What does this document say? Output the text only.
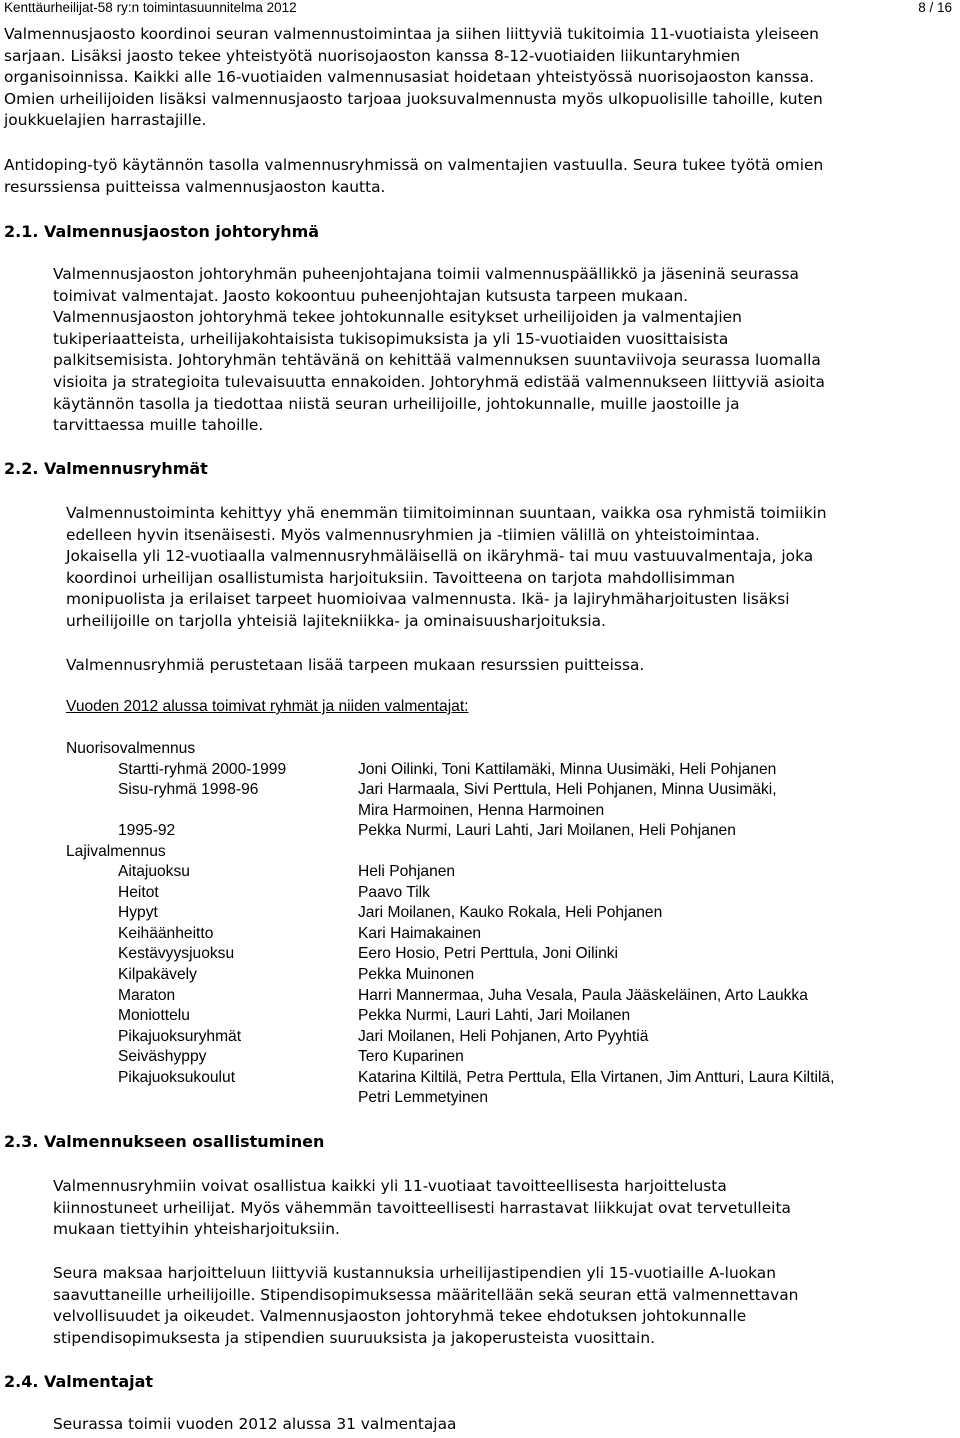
Kenttäurheilijat-58 ry:n toimintasuunnitelma 2012	8 / 16
Valmennusjaosto koordinoi seuran valmennustoimintaa ja siihen liittyviä tukitoimia 11-vuotiaista yleiseen
sarjaan. Lisäksi jaosto tekee yhteistyötä nuorisojaoston kanssa 8-12-vuotiaiden liikuntaryhmien
organisoinnissa. Kaikki alle 16-vuotiaiden valmennusasiat hoidetaan yhteistyössä nuorisojaoston kanssa.
Omien urheilijoiden lisäksi valmennusjaosto tarjoaa juoksuvalmennusta myös ulkopuolisille tahoille, kuten
joukkuelajien harrastajille.
Antidoping-työ käytännön tasolla valmennusryhmissä on valmentajien vastuulla. Seura tukee työtä omien
resurssiensa puitteissa valmennusjaoston kautta.
2.1. Valmennusjaoston johtoryhmä
Valmennusjaoston johtoryhmän puheenjohtajana toimii valmennuspäällikkö ja jäseninä seurassa
toimivat valmentajat. Jaosto kokoontuu puheenjohtajan kutsusta tarpeen mukaan.
Valmennusjaoston johtoryhmä tekee johtokunnalle esitykset urheilijoiden ja valmentajien
tukiperiaatteista, urheilijakohtaisista tukisopimuksista ja yli 15-vuotiaiden vuosittaisista
palkitsemisista. Johtoryhmän tehtävänä on kehittää valmennuksen suuntaviivoja seurassa luomalla
visioita ja strategioita tulevaisuutta ennakoiden. Johtoryhmä edistää valmennukseen liittyviä asioita
käytännön tasolla ja tiedottaa niistä seuran urheilijoille, johtokunnalle, muille jaostoille ja
tarvittaessa muille tahoille.
2.2. Valmennusryhmät
Valmennustoiminta kehittyy yhä enemmän tiimitoiminnan suuntaan, vaikka osa ryhmistä toimiikin
edelleen hyvin itsenäisesti. Myös valmennusryhmien ja -tiimien välillä on yhteistoimintaa.
Jokaisella yli 12-vuotiaalla valmennusryhmäläisellä on ikäryhmä- tai muu vastuuvalmentaja, joka
koordinoi urheilijan osallistumista harjoituksiin. Tavoitteena on tarjota mahdollisimman
monipuolista ja erilaiset tarpeet huomioivaa valmennusta. Ikä- ja lajiryhmäharjoitusten lisäksi
urheilijoille on tarjolla yhteisiä lajitekniikka- ja ominaisuusharjoituksia.
Valmennusryhmiä perustetaan lisää tarpeen mukaan resurssien puitteissa.
Vuoden 2012 alussa toimivat ryhmät ja niiden valmentajat:
Nuorisovalmennus
Startti-ryhmä 2000-1999	Joni Oilinki, Toni Kattilamäki, Minna Uusimäki, Heli Pohjanen
Sisu-ryhmä 1998-96	Jari Harmaala, Sivi Perttula, Heli Pohjanen, Minna Uusimäki,
Mira Harmoinen, Henna Harmoinen
1995-92	Pekka Nurmi, Lauri Lahti, Jari Moilanen, Heli Pohjanen
Lajivalmennus
Aitajuoksu	Heli Pohjanen
Heitot	Paavo Tilk
Hypyt	Jari Moilanen, Kauko Rokala, Heli Pohjanen
Keihäänheitto	Kari Haimakainen
Kestävyysjuoksu	Eero Hosio, Petri Perttula, Joni Oilinki
Kilpakävely	Pekka Muinonen
Maraton	Harri Mannermaa, Juha Vesala, Paula Jääskeläinen, Arto Laukka
Moniottelu	Pekka Nurmi, Lauri Lahti, Jari Moilanen
Pikajuoksuryhmät	Jari Moilanen, Heli Pohjanen, Arto Pyyhtiä
Seiväshyppy	Tero Kuparinen
Pikajuoksukoulut	Katarina Kiltilä, Petra Perttula, Ella Virtanen, Jim Antturi, Laura Kiltilä,
Petri Lemmetyinen
2.3. Valmennukseen osallistuminen
Valmennusryhmiin voivat osallistua kaikki yli 11-vuotiaat tavoitteellisesta harjoittelusta
kiinnostuneet urheilijat. Myös vähemmän tavoitteellisesti harrastavat liikkujat ovat tervetulleita
mukaan tiettyihin yhteisharjoituksiin.
Seura maksaa harjoitteluun liittyviä kustannuksia urheilijastipendien yli 15-vuotiaille A-luokan
saavuttaneille urheilijoille. Stipendisopimuksessa määritellään sekä seuran että valmennettavan
velvollisuudet ja oikeudet. Valmennusjaoston johtoryhmä tekee ehdotuksen johtokunnalle
stipendisopimuksesta ja stipendien suuruuksista ja jakoperusteista vuosittain.
2.4. Valmentajat
Seurassa toimii vuoden 2012 alussa 31 valmentajaa
